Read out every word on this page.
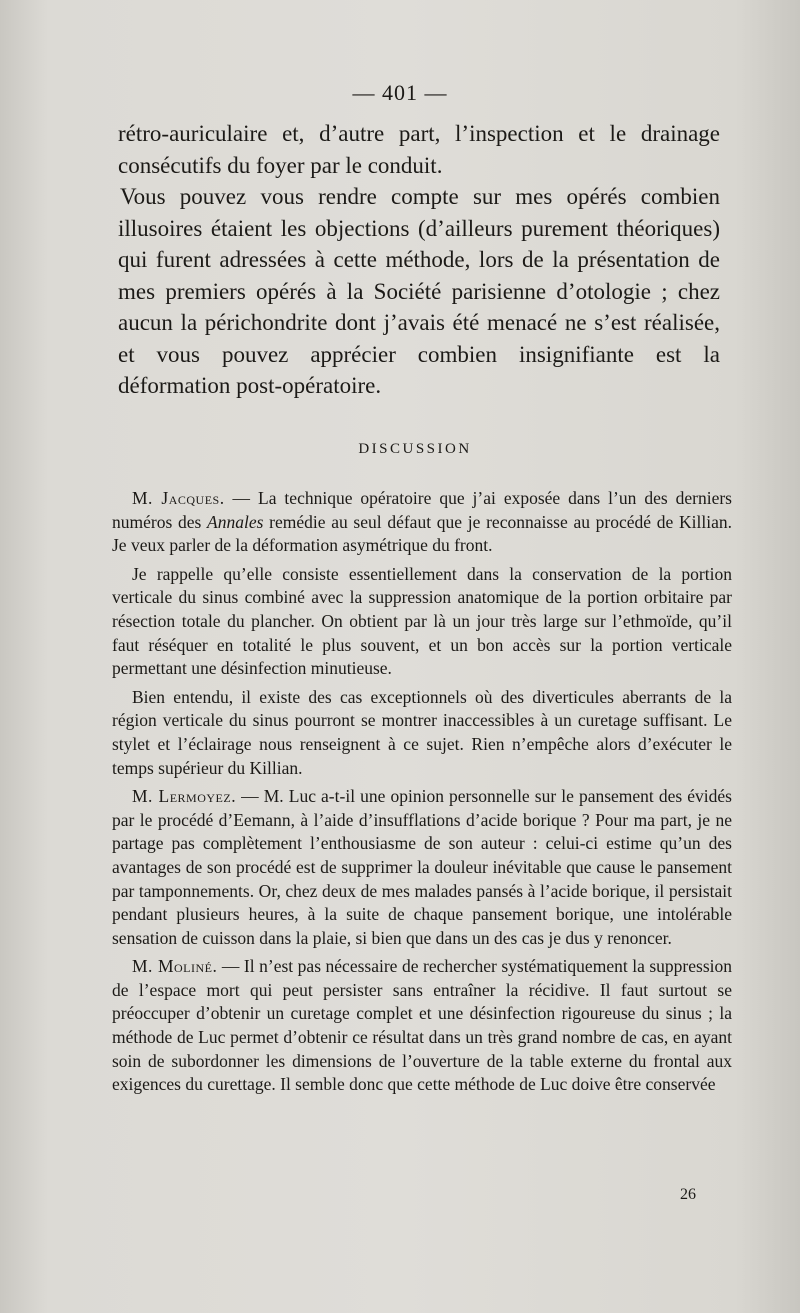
— 401 —

rétro-auriculaire et, d’autre part, l’inspection et le drainage consécutifs du foyer par le conduit.

Vous pouvez vous rendre compte sur mes opérés combien illusoires étaient les objections (d’ailleurs purement théoriques) qui furent adressées à cette méthode, lors de la présentation de mes premiers opérés à la Société parisienne d’otologie ; chez aucun la périchondrite dont j’avais été menacé ne s’est réalisée, et vous pouvez apprécier combien insignifiante est la déformation post-opératoire.

DISCUSSION

M. Jacques. — La technique opératoire que j’ai exposée dans l’un des derniers numéros des Annales remédie au seul défaut que je reconnaisse au procédé de Killian. Je veux parler de la déformation asymétrique du front.

Je rappelle qu’elle consiste essentiellement dans la conservation de la portion verticale du sinus combiné avec la suppression anatomique de la portion orbitaire par résection totale du plancher. On obtient par là un jour très large sur l’ethmoïde, qu’il faut réséquer en totalité le plus souvent, et un bon accès sur la portion verticale permettant une désinfection minutieuse.

Bien entendu, il existe des cas exceptionnels où des diverticules aberrants de la région verticale du sinus pourront se montrer inaccessibles à un curetage suffisant. Le stylet et l’éclairage nous renseignent à ce sujet. Rien n’empêche alors d’exécuter le temps supérieur du Killian.

M. Lermoyez. — M. Luc a-t-il une opinion personnelle sur le pansement des évidés par le procédé d’Eemann, à l’aide d’insufflations d’acide borique ? Pour ma part, je ne partage pas complètement l’enthousiasme de son auteur : celui-ci estime qu’un des avantages de son procédé est de supprimer la douleur inévitable que cause le pansement par tamponnements. Or, chez deux de mes malades pansés à l’acide borique, il persistait pendant plusieurs heures, à la suite de chaque pansement borique, une intolérable sensation de cuisson dans la plaie, si bien que dans un des cas je dus y renoncer.

M. Moliné. — Il n’est pas nécessaire de rechercher systématiquement la suppression de l’espace mort qui peut persister sans entraîner la récidive. Il faut surtout se préoccuper d’obtenir un curetage complet et une désinfection rigoureuse du sinus ; la méthode de Luc permet d’obtenir ce résultat dans un très grand nombre de cas, en ayant soin de subordonner les dimensions de l’ouverture de la table externe du frontal aux exigences du curettage. Il semble donc que cette méthode de Luc doive être conservée

26
